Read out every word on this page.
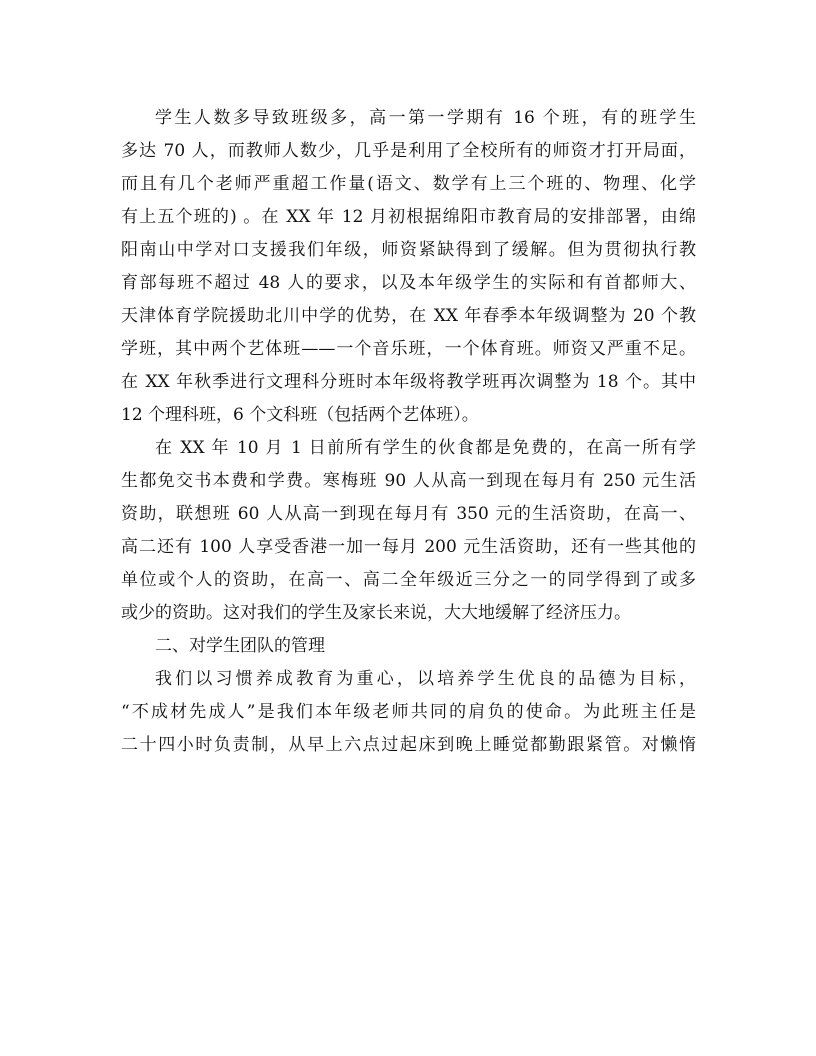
学生人数多导致班级多，高一第一学期有 16 个班，有的班学生
多达 70 人，而教师人数少，几乎是利用了全校所有的师资才打开局面，
而且有几个老师严重超工作量(语文、数学有上三个班的、物理、化学
有上五个班的) 。在 XX 年 12 月初根据绵阳市教育局的安排部署，由绵
阳南山中学对口支援我们年级，师资紧缺得到了缓解。但为贯彻执行教
育部每班不超过 48 人的要求，以及本年级学生的实际和有首都师大、
天津体育学院援助北川中学的优势，在 XX 年春季本年级调整为 20 个教
学班，其中两个艺体班——一个音乐班，一个体育班。师资又严重不足。
在 XX 年秋季进行文理科分班时本年级将教学班再次调整为 18 个。其中
12 个理科班，6 个文科班（包括两个艺体班）。
在 XX 年 10 月 1 日前所有学生的伙食都是免费的，在高一所有学
生都免交书本费和学费。寒梅班 90 人从高一到现在每月有 250 元生活
资助，联想班 60 人从高一到现在每月有 350 元的生活资助，在高一、
高二还有 100 人享受香港一加一每月 200 元生活资助，还有一些其他的
单位或个人的资助，在高一、高二全年级近三分之一的同学得到了或多
或少的资助。这对我们的学生及家长来说，大大地缓解了经济压力。
二、对学生团队的管理
我们以习惯养成教育为重心，以培养学生优良的品德为目标，
“不成材先成人”是我们本年级老师共同的肩负的使命。为此班主任是
二十四小时负责制，从早上六点过起床到晚上睡觉都勤跟紧管。对懒惰
